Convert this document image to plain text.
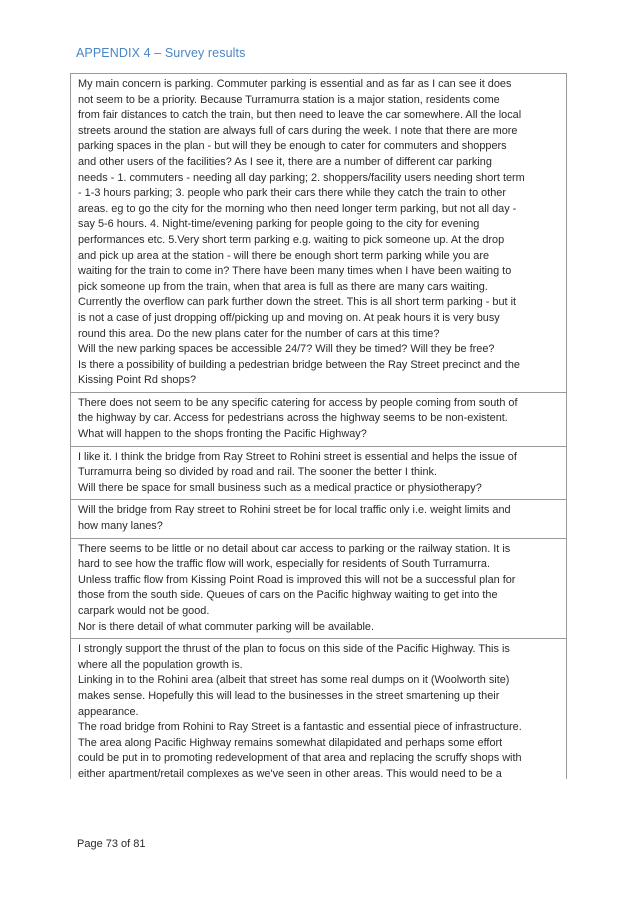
APPENDIX 4 – Survey results
My main concern is parking. Commuter parking is essential and as far as I can see it does
not seem to be a priority. Because Turramurra station is a major station, residents come
from fair distances to catch the train, but then need to leave the car somewhere. All the local
streets around the station are always full of cars during the week. I note that there are more
parking spaces in the plan - but will they be enough to cater for commuters and shoppers
and other users of the facilities? As I see it, there are a number of different car parking
needs - 1. commuters - needing all day parking; 2. shoppers/facility users needing short term
- 1-3 hours parking; 3. people who park their cars there while they catch the train to other
areas. eg to go the city for the morning who then need longer term parking, but not all day -
say 5-6 hours. 4. Night-time/evening parking for people going to the city for evening
performances etc. 5.Very short term parking e.g. waiting to pick someone up. At the drop
and pick up area at the station - will there be enough short term parking while you are
waiting for the train to come in? There have been many times when I have been waiting to
pick someone up from the train, when that area is full as there are many cars waiting.
Currently the overflow can park further down the street. This is all short term parking - but it
is not a case of just dropping off/picking up and moving on. At peak hours it is very busy
round this area. Do the new plans cater for the number of cars at this time?
Will the new parking spaces be accessible 24/7? Will they be timed? Will they be free?
Is there a possibility of building a pedestrian bridge between the Ray Street precinct and the
Kissing Point Rd shops?
There does not seem to be any specific catering for access by people coming from south of
the highway by car. Access for pedestrians across the highway seems to be non-existent.
What will happen to the shops fronting the Pacific Highway?
I like it. I think the bridge from Ray Street to Rohini street is essential and helps the issue of
Turramurra being so divided by road and rail. The sooner the better I think.
Will there be space for small business such as a medical practice or physiotherapy?
Will the bridge from Ray street to Rohini street be for local traffic only i.e. weight limits and
how many lanes?
There seems to be little or no detail about car access to parking or the railway station. It is
hard to see how the traffic flow will work, especially for residents of South Turramurra.
Unless traffic flow from Kissing Point Road is improved this will not be a successful plan for
those from the south side. Queues of cars on the Pacific highway waiting to get into the
carpark would not be good.
Nor is there detail of what commuter parking will be available.
I strongly support the thrust of the plan to focus on this side of the Pacific Highway. This is
where all the population growth is.
Linking in to the Rohini area (albeit that street has some real dumps on it (Woolworth site)
makes sense. Hopefully this will lead to the businesses in the street smartening up their
appearance.
The road bridge from Rohini to Ray Street is a fantastic and essential piece of infrastructure.
The area along Pacific Highway remains somewhat dilapidated and perhaps some effort
could be put in to promoting redevelopment of that area and replacing the scruffy shops with
either apartment/retail complexes as we've seen in other areas. This would need to be a
Page 73 of 81
